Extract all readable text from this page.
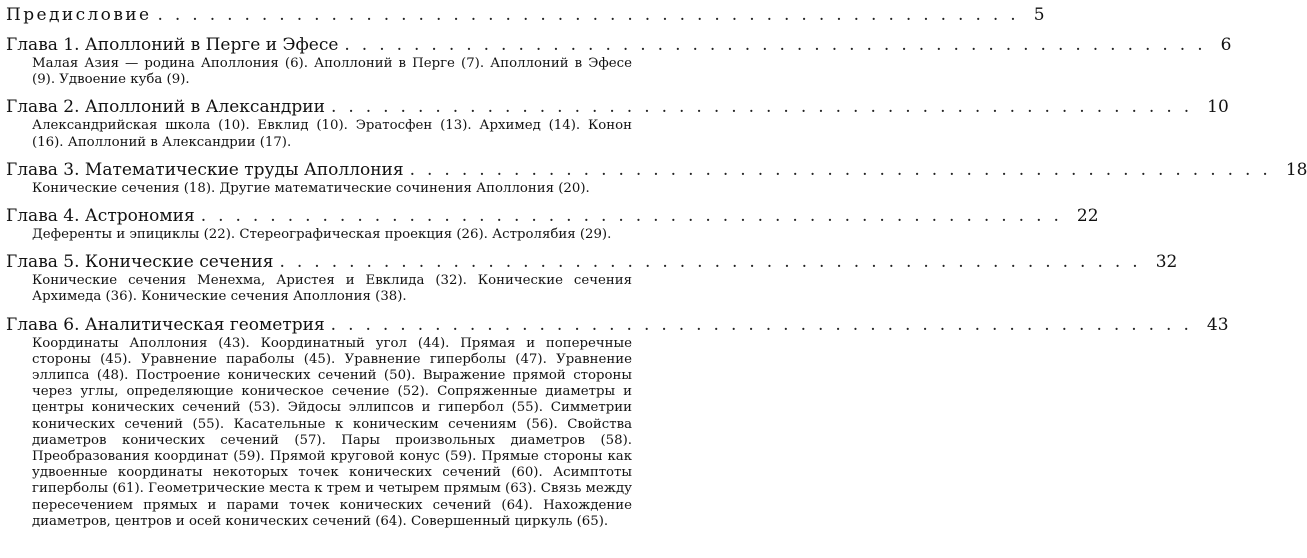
Предисловие .................................................. 5
Глава 1. Аполлоний в Перге и Эфесе .................................................. 6

Малая Азия — родина Аполлония (6). Аполлоний в Перге (7). Аполлоний в Эфесе (9). Удвоение куба (9).

Глава 2. Аполлоний в Александрии .................................................. 10

Александрийская школа (10). Евклид (10). Эратосфен (13). Архимед (14). Конон (16). Аполлоний в Александрии (17).

Глава 3. Математические труды Аполлония .................................................. 18

Конические сечения (18). Другие математические сочинения Аполлония (20).

Глава 4. Астрономия .................................................. 22

Деференты и эпициклы (22). Стереографическая проекция (26). Астролябия (29).

Глава 5. Конические сечения .................................................. 32

Конические сечения Менехма, Аристея и Евклида (32). Конические сечения Архимеда (36). Конические сечения Аполлония (38).

Глава 6. Аналитическая геометрия .................................................. 43

Координаты Аполлония (43). Координатный угол (44). Прямая и поперечные стороны (45). Уравнение параболы (45). Уравнение гиперболы (47). Уравнение эллипса (48). Построение конических сечений (50). Выражение прямой стороны через углы, определяющие коническое сечение (52). Сопряженные диаметры и центры конических сечений (53). Эйдосы эллипсов и гипербол (55). Симметрии конических сечений (55). Касательные к коническим сечениям (56). Свойства диаметров конических сечений (57). Пары произвольных диаметров (58). Преобразования координат (59). Прямой круговой конус (59). Прямые стороны как удвоенные координаты некоторых точек конических сечений (60). Асимптоты гиперболы (61). Геометрические места к трем и четырем прямым (63). Связь между пересечением прямых и парами точек конических сечений (64). Нахождение диаметров, центров и осей конических сечений (64). Совершенный циркуль (65).
